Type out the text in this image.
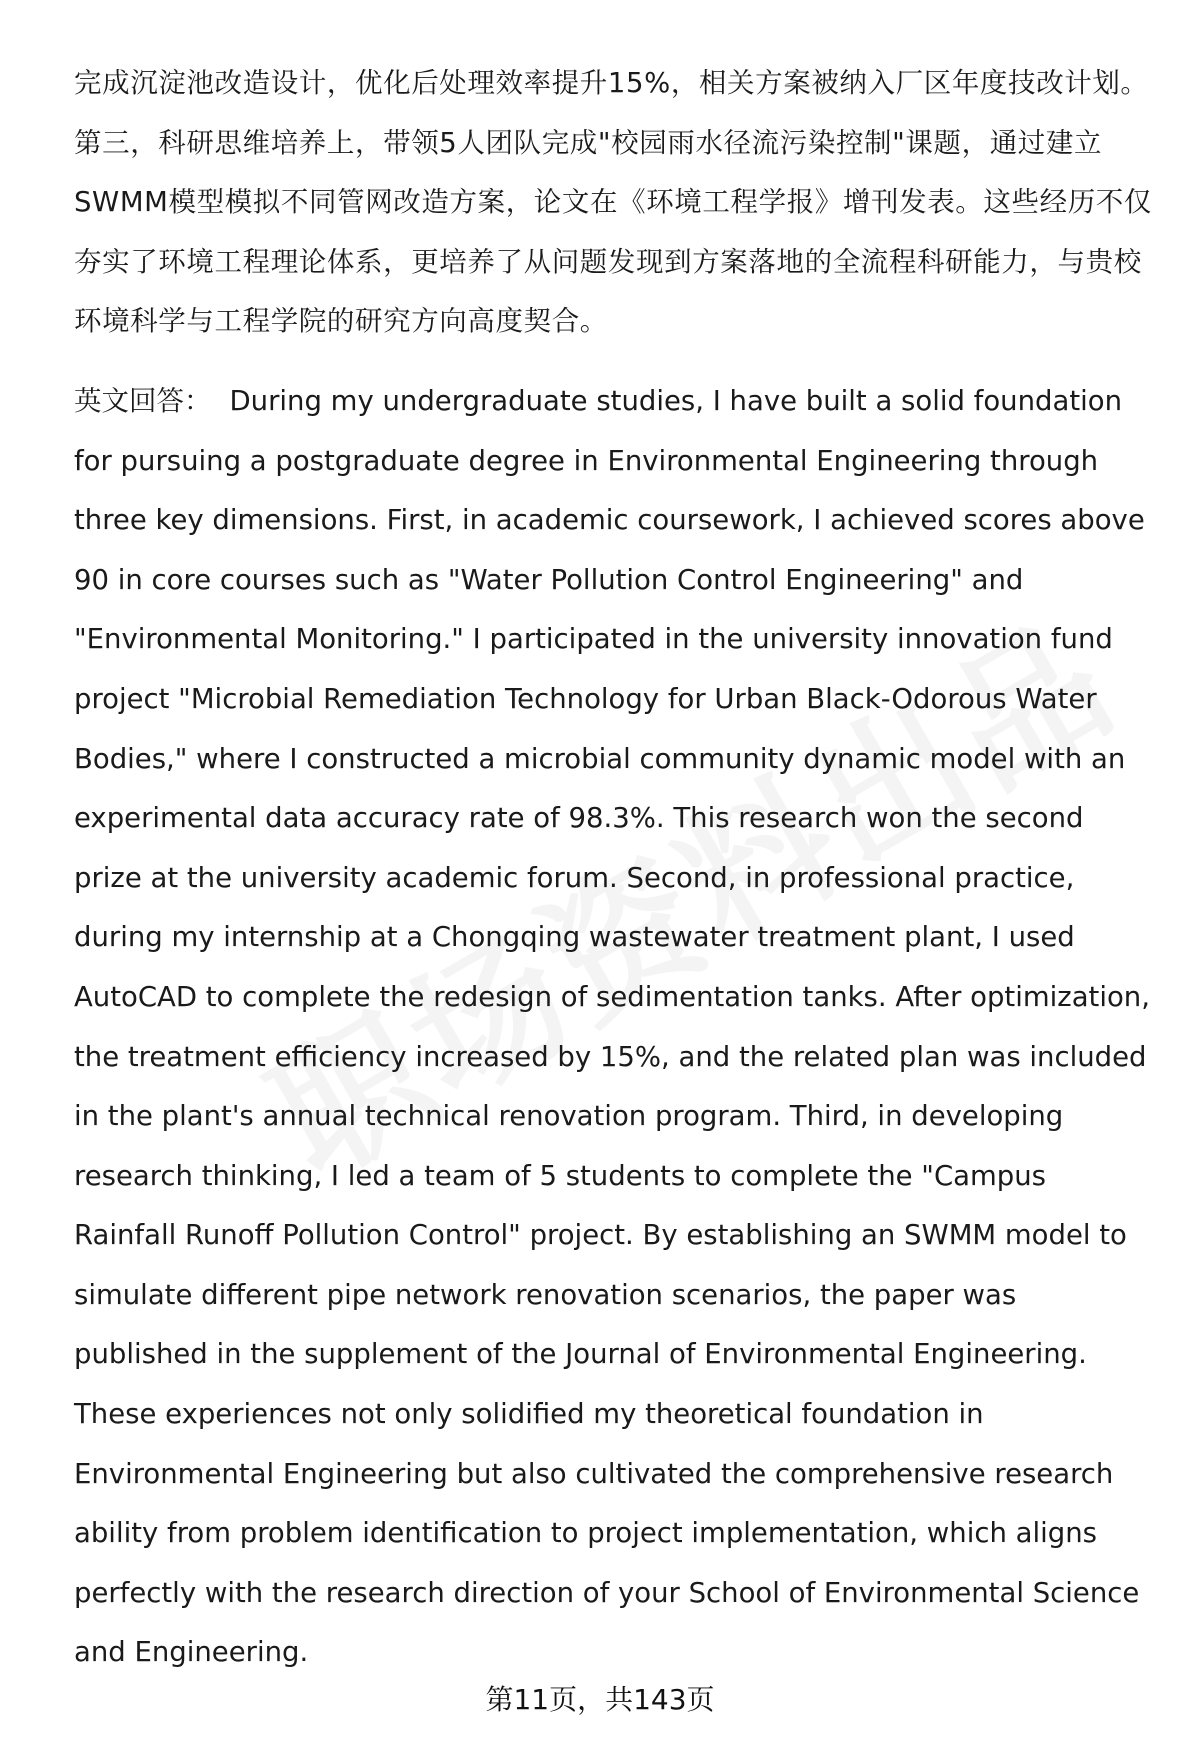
完成沉淀池改造设计，优化后处理效率提升15%，相关方案被纳入厂区年度技改计划。第三，科研思维培养上，带领5人团队完成"校园雨水径流污染控制"课题，通过建立SWMM模型模拟不同管网改造方案，论文在《环境工程学报》增刊发表。这些经历不仅夯实了环境工程理论体系，更培养了从问题发现到方案落地的全流程科研能力，与贵校环境科学与工程学院的研究方向高度契合。

英文回答： During my undergraduate studies, I have built a solid foundation for pursuing a postgraduate degree in Environmental Engineering through three key dimensions. First, in academic coursework, I achieved scores above 90 in core courses such as "Water Pollution Control Engineering" and "Environmental Monitoring." I participated in the university innovation fund project "Microbial Remediation Technology for Urban Black-Odorous Water Bodies," where I constructed a microbial community dynamic model with an experimental data accuracy rate of 98.3%. This research won the second prize at the university academic forum. Second, in professional practice, during my internship at a Chongqing wastewater treatment plant, I used AutoCAD to complete the redesign of sedimentation tanks. After optimization, the treatment efficiency increased by 15%, and the related plan was included in the plant's annual technical renovation program. Third, in developing research thinking, I led a team of 5 students to complete the "Campus Rainfall Runoff Pollution Control" project. By establishing an SWMM model to simulate different pipe network renovation scenarios, the paper was published in the supplement of the Journal of Environmental Engineering. These experiences not only solidified my theoretical foundation in Environmental Engineering but also cultivated the comprehensive research ability from problem identification to project implementation, which aligns perfectly with the research direction of your School of Environmental Science and Engineering.

第11页，共143页
